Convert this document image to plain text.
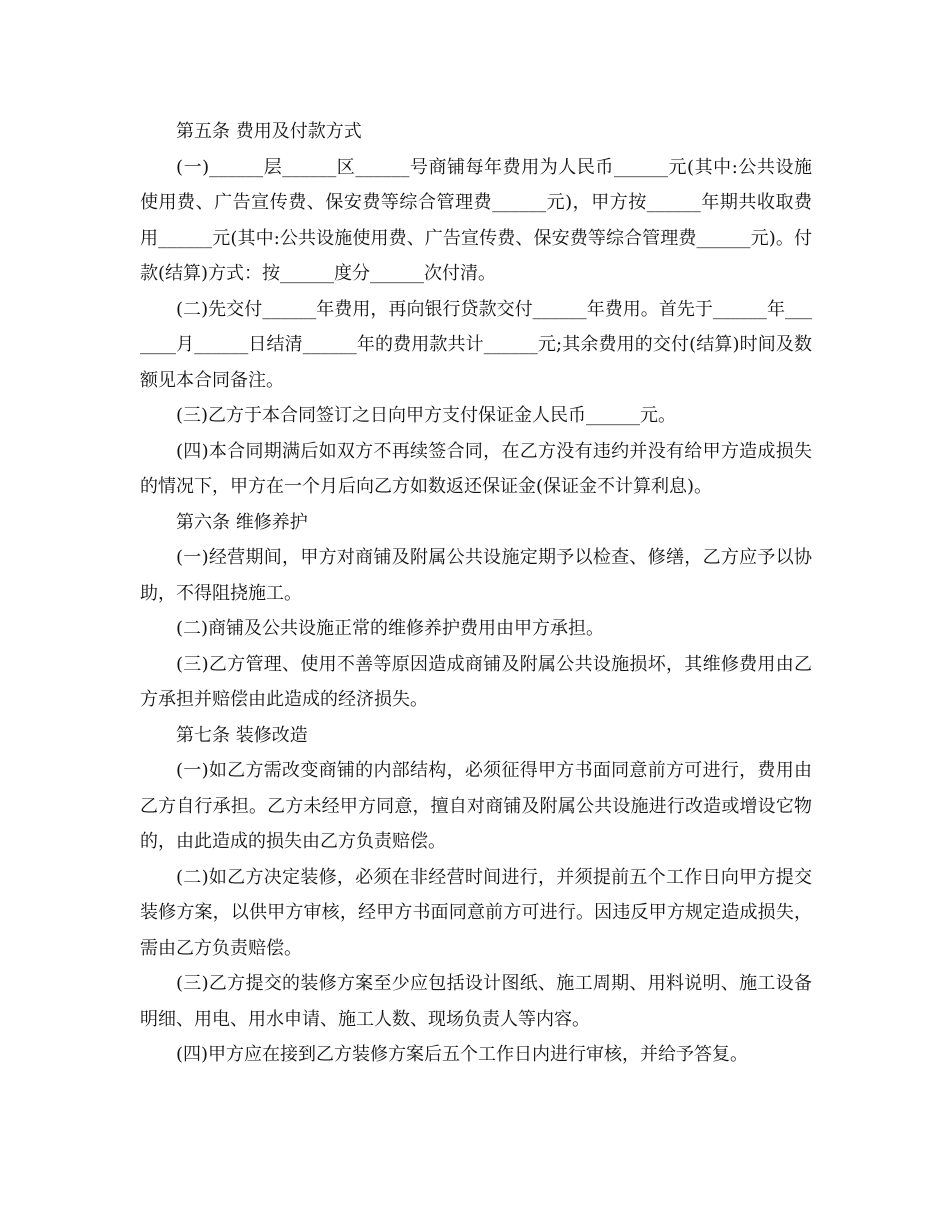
第五条 费用及付款方式

(一)______层______区______号商铺每年费用为人民币______元(其中:公共设施使用费、广告宣传费、保安费等综合管理费______元)，甲方按______年期共收取费用______元(其中:公共设施使用费、广告宣传费、保安费等综合管理费______元)。付款(结算)方式：按______度分______次付清。

(二)先交付______年费用，再向银行贷款交付______年费用。首先于______年_______月______日结清______年的费用款共计______元;其余费用的交付(结算)时间及数额见本合同备注。

(三)乙方于本合同签订之日向甲方支付保证金人民币______元。

(四)本合同期满后如双方不再续签合同，在乙方没有违约并没有给甲方造成损失的情况下，甲方在一个月后向乙方如数返还保证金(保证金不计算利息)。

第六条 维修养护

(一)经营期间，甲方对商铺及附属公共设施定期予以检查、修缮，乙方应予以协助，不得阻挠施工。

(二)商铺及公共设施正常的维修养护费用由甲方承担。

(三)乙方管理、使用不善等原因造成商铺及附属公共设施损坏，其维修费用由乙方承担并赔偿由此造成的经济损失。

第七条 装修改造

(一)如乙方需改变商铺的内部结构，必须征得甲方书面同意前方可进行，费用由乙方自行承担。乙方未经甲方同意，擅自对商铺及附属公共设施进行改造或增设它物的，由此造成的损失由乙方负责赔偿。

(二)如乙方决定装修，必须在非经营时间进行，并须提前五个工作日向甲方提交装修方案，以供甲方审核，经甲方书面同意前方可进行。因违反甲方规定造成损失，需由乙方负责赔偿。

(三)乙方提交的装修方案至少应包括设计图纸、施工周期、用料说明、施工设备明细、用电、用水申请、施工人数、现场负责人等内容。

(四)甲方应在接到乙方装修方案后五个工作日内进行审核，并给予答复。
